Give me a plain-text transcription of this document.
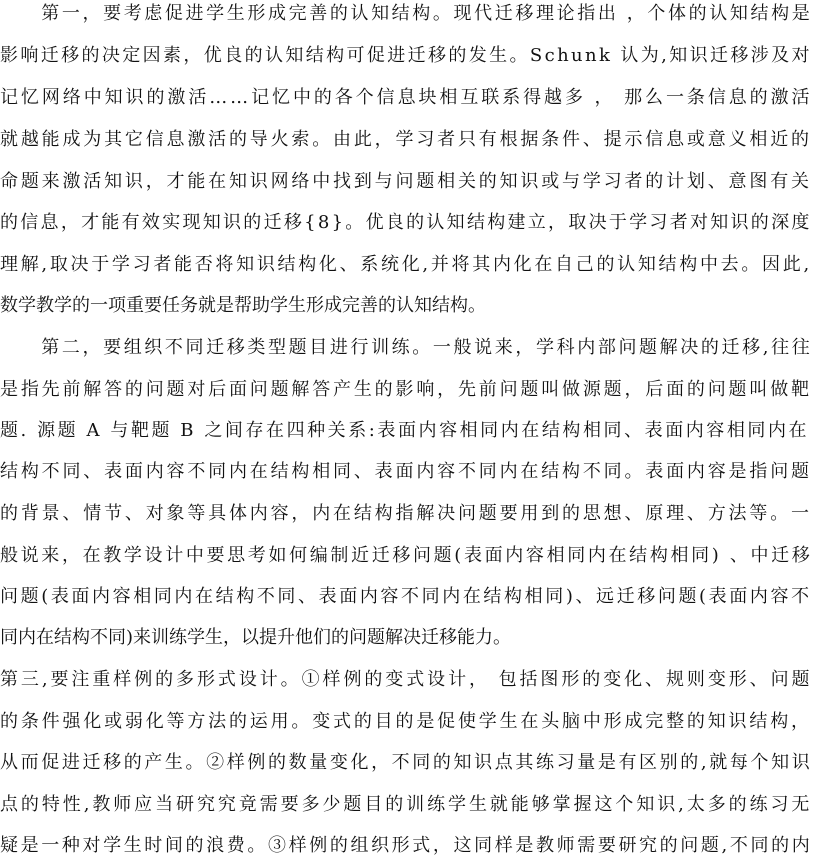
　　第一，要考虑促进学生形成完善的认知结构。现代迁移理论指出 ，个体的认知结构是
影响迁移的决定因素，优良的认知结构可促进迁移的发生。Schunk 认为,知识迁移涉及对
记忆网络中知识的激活……记忆中的各个信息块相互联系得越多 ， 那么一条信息的激活
就越能成为其它信息激活的导火索。由此，学习者只有根据条件、提示信息或意义相近的
命题来激活知识，才能在知识网络中找到与问题相关的知识或与学习者的计划、意图有关
的信息，才能有效实现知识的迁移{8}。优良的认知结构建立，取决于学习者对知识的深度
理解,取决于学习者能否将知识结构化、系统化,并将其内化在自己的认知结构中去。因此,
数学教学的一项重要任务就是帮助学生形成完善的认知结构。
　　第二，要组织不同迁移类型题目进行训练。一般说来，学科内部问题解决的迁移,往往
是指先前解答的问题对后面问题解答产生的影响，先前问题叫做源题，后面的问题叫做靶
题. 源题 A 与靶题 B 之间存在四种关系:表面内容相同内在结构相同、表面内容相同内在
结构不同、表面内容不同内在结构相同、表面内容不同内在结构不同。表面内容是指问题
的背景、情节、对象等具体内容，内在结构指解决问题要用到的思想、原理、方法等。一
般说来，在教学设计中要思考如何编制近迁移问题(表面内容相同内在结构相同) 、中迁移
问题(表面内容相同内在结构不同、表面内容不同内在结构相同)、远迁移问题(表面内容不
同内在结构不同)来训练学生，以提升他们的问题解决迁移能力。
第三,要注重样例的多形式设计。①样例的变式设计， 包括图形的变化、规则变形、问题
的条件强化或弱化等方法的运用。变式的目的是促使学生在头脑中形成完整的知识结构，
从而促进迁移的产生。②样例的数量变化，不同的知识点其练习量是有区别的,就每个知识
点的特性,教师应当研究究竟需要多少题目的训练学生就能够掌握这个知识,太多的练习无
疑是一种对学生时间的浪费。③样例的组织形式，这同样是教师需要研究的问题,不同的内
